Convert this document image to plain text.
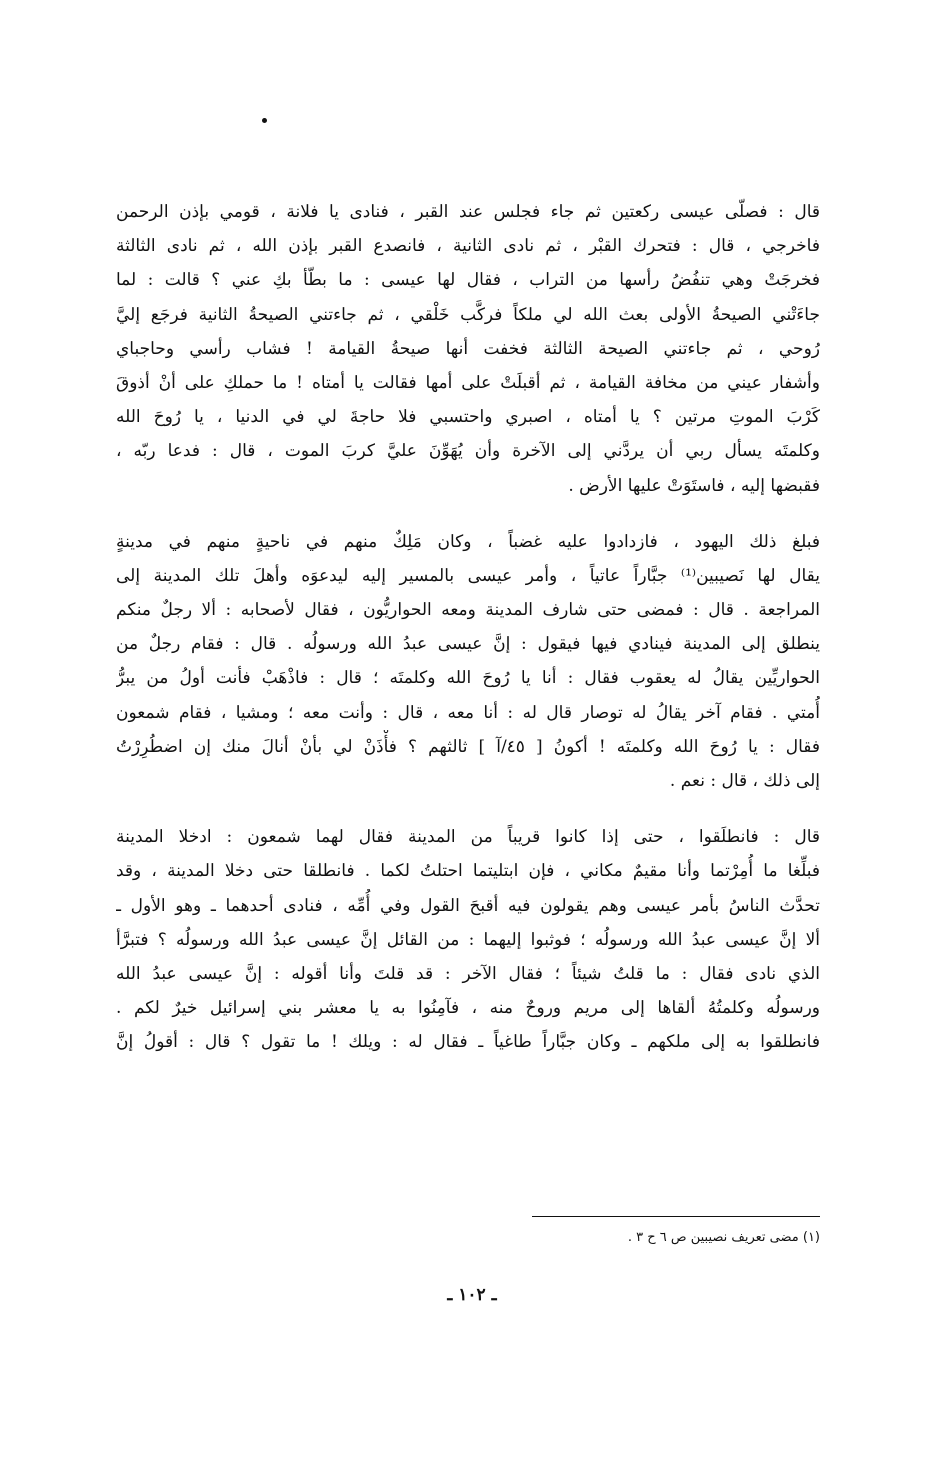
قال : فصلّى عيسى ركعتين ثم جاء فجلس عند القبر ، فنادى يا فلانة ، قومي بإذن الرحمن
فاخرجي ، قال : فتحرك القبْر ، ثم نادى الثانية ، فانصدع القبر بإذن الله ، ثم نادى الثالثة
فخرجَتْ وهي تنفُضُ رأسها من التراب ، فقال لها عيسى : ما بطّأ بكِ عني ؟ قالت : لما
جاءَتْني الصيحةُ الأولى بعث الله لي ملكاً فركَّب خَلْقي ، ثم جاءتني الصيحةُ الثانية فرجَع إليَّ
رُوحي ، ثم جاءتني الصيحة الثالثة فخفت أنها صيحةُ القيامة ! فشاب رأسي وحاجباي
وأشفار عيني من مخافة القيامة ، ثم أقبلَتْ على أمها فقالت يا أمتاه ! ما حملكِ على أنْ أذوقَ
كَرْبَ الموتِ مرتين ؟ يا أمتاه ، اصبري واحتسبي فلا حاجةَ لي في الدنيا ، يا رُوحَ الله
وكلمتَه يسأل ربي أن يردَّني إلى الآخرة وأن يُهَوِّنَ عليَّ كربَ الموت ، قال : فدعا ربّه ،
فقبضها إليه ، فاستَوَتْ عليها الأرض .
فبلغ ذلك اليهود ، فازدادوا عليه غضباً ، وكان مَلِكٌ منهم في ناحيةٍ منهم في مدينةٍ
يقال لها نَصيبين⁽¹⁾ جبَّاراً عاتياً ، وأمر عيسى بالمسير إليه ليدعوَه وأهلَ تلك المدينة إلى
المراجعة . قال : فمضى حتى شارف المدينة ومعه الحواريُّون ، فقال لأصحابه : ألا رجلٌ منكم
ينطلق إلى المدينة فينادي فيها فيقول : إنَّ عيسى عبدُ الله ورسولُه . قال : فقام رجلٌ من
الحواريِّين يقالُ له يعقوب فقال : أنا يا رُوحَ الله وكلمتَه ؛ قال : فاذْهَبْ فأنت أولُ من يبرُّ
أُمتي . فقام آخر يقالُ له توصار قال له : أنا معه ، قال : وأنت معه ؛ ومشيا ، فقام شمعون
فقال : يا رُوحَ الله وكلمتَه ! أكونُ [ ٤٥/آ ] ثالثهم ؟ فأْذَنْ لي بأنْ أنالَ منك إن اضطُرِرْتُ
إلى ذلك ، قال : نعم .
قال : فانطلَقوا ، حتى إذا كانوا قريباً من المدينة فقال لهما شمعون : ادخلا المدينة
فبلِّغا ما أُمِرْتما وأنا مقيمٌ مكاني ، فإن ابتليتما احتلتُ لكما . فانطلقا حتى دخلا المدينة ، وقد
تحدَّث الناسُ بأمر عيسى وهم يقولون فيه أقبحَ القول وفي أُمِّه ، فنادى أحدهما ـ وهو الأول ـ
ألا إنَّ عيسى عبدُ الله ورسولُه ؛ فوثبوا إليهما : من القائل إنَّ عيسى عبدُ الله ورسولُه ؟ فتبرَّأ
الذي نادى فقال : ما قلتُ شيئاً ؛ فقال الآخر : قد قلتَ وأنا أقوله : إنَّ عيسى عبدُ الله
ورسولُه وكلمتُهُ ألقاها إلى مريم وروحٌ منه ، فآمِنُوا به يا معشر بني إسرائيل خيرٌ لكم .
فانطلقوا به إلى ملكهم ـ وكان جبَّاراً طاغياً ـ فقال له : ويلك ! ما تقول ؟ قال : أقولُ إنَّ
(١) مضى تعريف نصيبين ص ٦ ح ٣ .
ـ ١٠٢ ـ
